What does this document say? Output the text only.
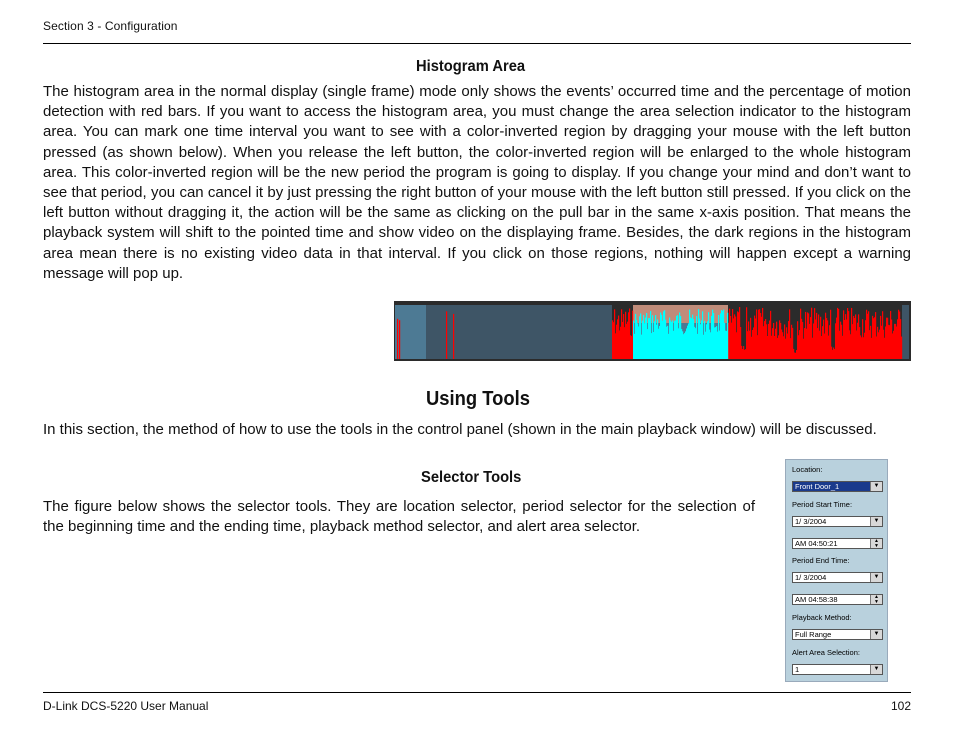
Section 3 - Configuration
Histogram Area
The histogram area in the normal display (single frame) mode only shows the events’ occurred time and the percentage of motion detection with red bars. If you want to access the histogram area, you must change the area selection indicator to the histogram area. You can mark one time interval you want to see with a color-inverted region by dragging your mouse with the left button pressed (as shown below). When you release the left button, the color-inverted region will be enlarged to the whole histogram area. This color-inverted region will be the new period the program is going to display. If you change your mind and don’t want to see that period, you can cancel it by just pressing the right button of your mouse with the left button still pressed. If you click on the left button without dragging it, the action will be the same as clicking on the pull bar in the same x-axis position. That means the playback system will shift to the pointed time and show video on the displaying frame. Besides, the dark regions in the histogram area mean there is no existing video data in that interval. If you click on those regions, nothing will happen except a warning message will pop up.
Using Tools
In this section, the method of how to use the tools in the control panel (shown in the main playback window) will be discussed.
Selector Tools
The figure below shows the selector tools. They are location selector, period selector for the selection of the beginning time and the ending time, playback method selector, and alert area selector.
Location:
Front Door_1	▼
Period Start Time:
1/ 3/2004	▼
AM 04:50:21	▲
▼
Period End Time:
1/ 3/2004	▼
AM 04:58:38	▲
▼
Playback Method:
Full Range	▼
Alert Area Selection:
1	▼
D-Link DCS-5220 User Manual	102
